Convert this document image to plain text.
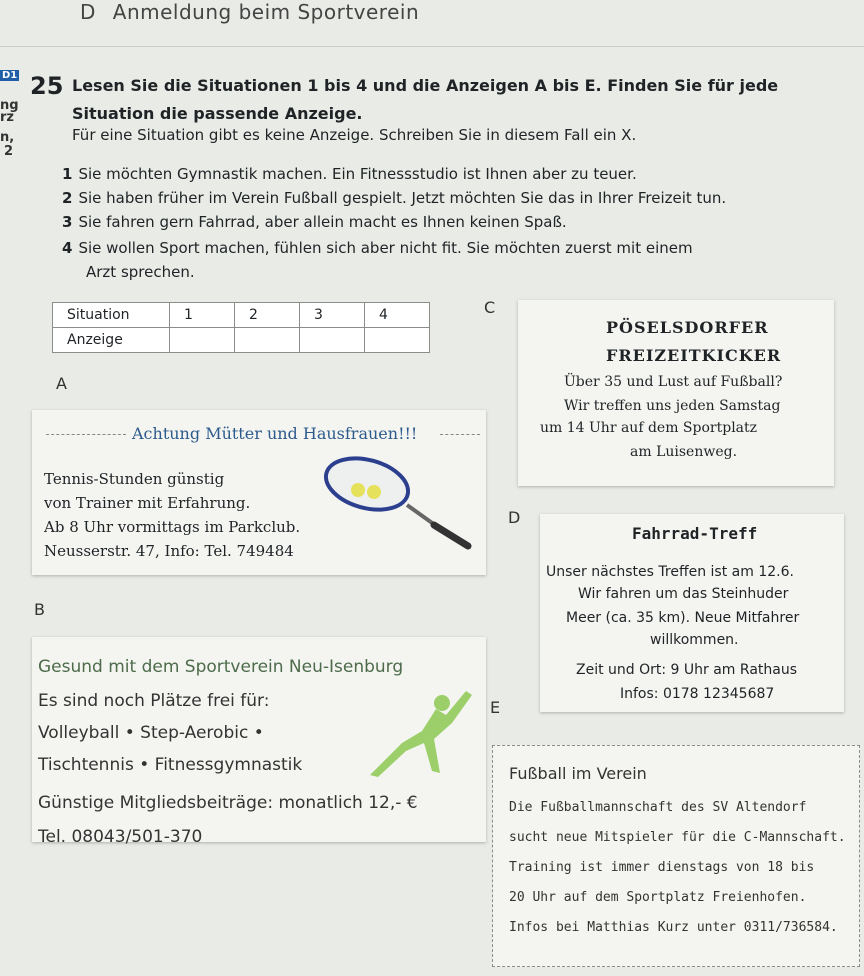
D Anmeldung beim Sportverein
D1
ng
rz
n,
2
25 Lesen Sie die Situationen 1 bis 4 und die Anzeigen A bis E. Finden Sie für jede
Situation die passende Anzeige.
Für eine Situation gibt es keine Anzeige. Schreiben Sie in diesem Fall ein X.
1 Sie möchten Gymnastik machen. Ein Fitnessstudio ist Ihnen aber zu teuer.
2 Sie haben früher im Verein Fußball gespielt. Jetzt möchten Sie das in Ihrer Freizeit tun.
3 Sie fahren gern Fahrrad, aber allein macht es Ihnen keinen Spaß.
4 Sie wollen Sport machen, fühlen sich aber nicht fit. Sie möchten zuerst mit einem
Arzt sprechen.
Situation	1	2	3	4
Anzeige				
A
Achtung Mütter und Hausfrauen!!!
Tennis-Stunden günstig
von Trainer mit Erfahrung.
Ab 8 Uhr vormittags im Parkclub.
Neusserstr. 47, Info: Tel. 749484
B
Gesund mit dem Sportverein Neu-Isenburg
Es sind noch Plätze frei für:
Volleyball • Step-Aerobic •
Tischtennis • Fitnessgymnastik
Günstige Mitgliedsbeiträge: monatlich 12,- €
Tel. 08043/501-370
C
PÖSELSDORFER
FREIZEITKICKER
Über 35 und Lust auf Fußball?
Wir treffen uns jeden Samstag
um 14 Uhr auf dem Sportplatz
am Luisenweg.
D
Fahrrad-Treff
Unser nächstes Treffen ist am 12.6.
Wir fahren um das Steinhuder
Meer (ca. 35 km). Neue Mitfahrer
willkommen.
Zeit und Ort: 9 Uhr am Rathaus
Infos: 0178 12345687
E
Fußball im Verein
Die Fußballmannschaft des SV Altendorf
sucht neue Mitspieler für die C-Mannschaft.
Training ist immer dienstags von 18 bis
20 Uhr auf dem Sportplatz Freienhofen.
Infos bei Matthias Kurz unter 0311/736584.
